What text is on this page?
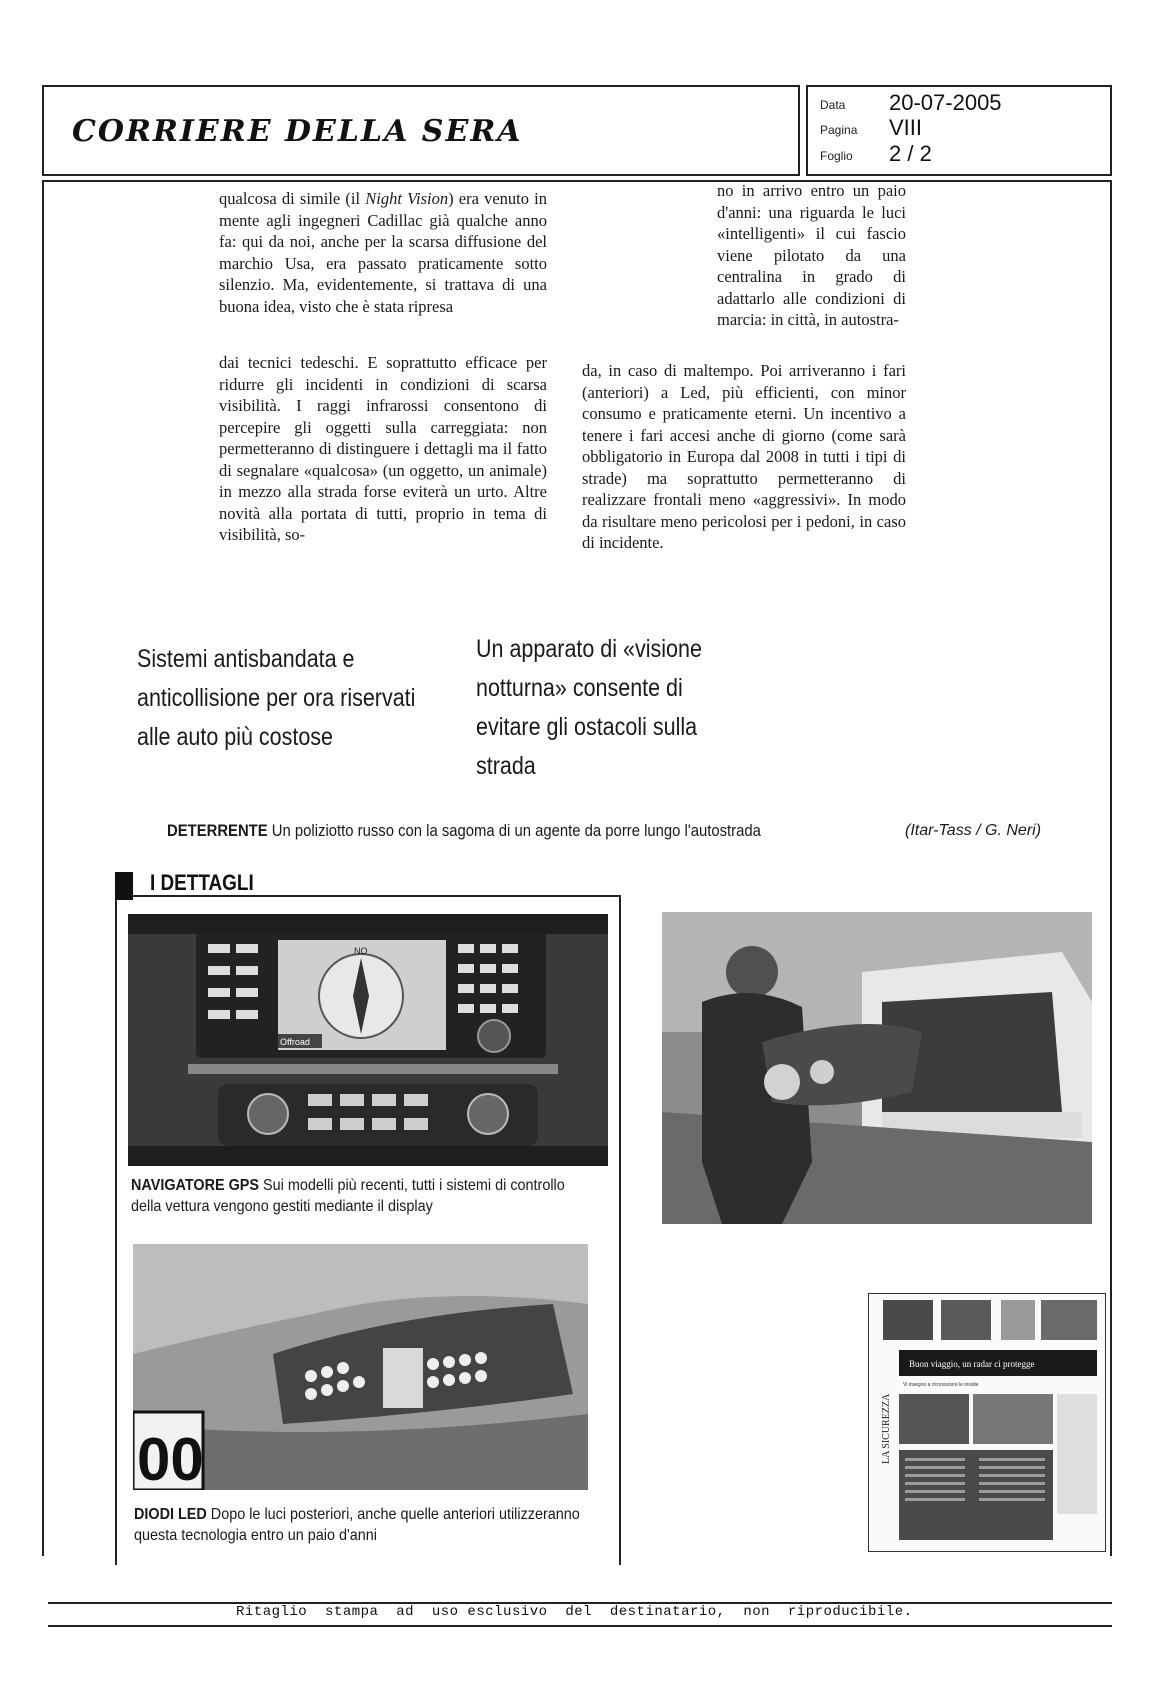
CORRIERE DELLA SERA
Data 20-07-2005
Pagina VIII
Foglio 2 / 2

qualcosa di simile (il Night Vision) era venuto in mente agli ingegneri Cadillac già qualche anno fa: qui da noi, anche per la scarsa diffusione del marchio Usa, era passato praticamente sotto silenzio. Ma, evidentemente, si trattava di una buona idea, visto che è stata ripresa

dai tecnici tedeschi. E soprattutto efficace per ridurre gli incidenti in condizioni di scarsa visibilità. I raggi infrarossi consentono di percepire gli oggetti sulla carreggiata: non permetteranno di distinguere i dettagli ma il fatto di segnalare «qualcosa» (un oggetto, un animale) in mezzo alla strada forse eviterà un urto. Altre novità alla portata di tutti, proprio in tema di visibilità, so-
no in arrivo entro un paio d'anni: una riguarda le luci «intelligenti» il cui fascio viene pilotato da una centralina in grado di adattarlo alle condizioni di marcia: in città, in autostra-
da, in caso di maltempo. Poi arriveranno i fari (anteriori) a Led, più efficienti, con minor consumo e praticamente eterni. Un incentivo a tenere i fari accesi anche di giorno (come sarà obbligatorio in Europa dal 2008 in tutti i tipi di strade) ma soprattutto permetteranno di realizzare frontali meno «aggressivi». In modo da risultare meno pericolosi per i pedoni, in caso di incidente.
Sistemi antisbandata e anticollisione per ora riservati alle auto più costose
Un apparato di «visione notturna» consente di evitare gli ostacoli sulla strada
DETERRENTE Un poliziotto russo con la sagoma di un agente da porre lungo l'autostrada	(Itar-Tass / G. Neri)
I DETTAGLI
NO
Offroad
NAVIGATORE GPS Sui modelli più recenti, tutti i sistemi di controllo della vettura vengono gestiti mediante il display
00
DIODI LED Dopo le luci posteriori, anche quelle anteriori utilizzeranno questa tecnologia entro un paio d'anni
Buon viaggio, un radar ci protegge
Vi insegno a riconoscere le insidie
LA SICUREZZA
Ritaglio  stampa  ad  uso esclusivo  del  destinatario,  non  riproducibile.
